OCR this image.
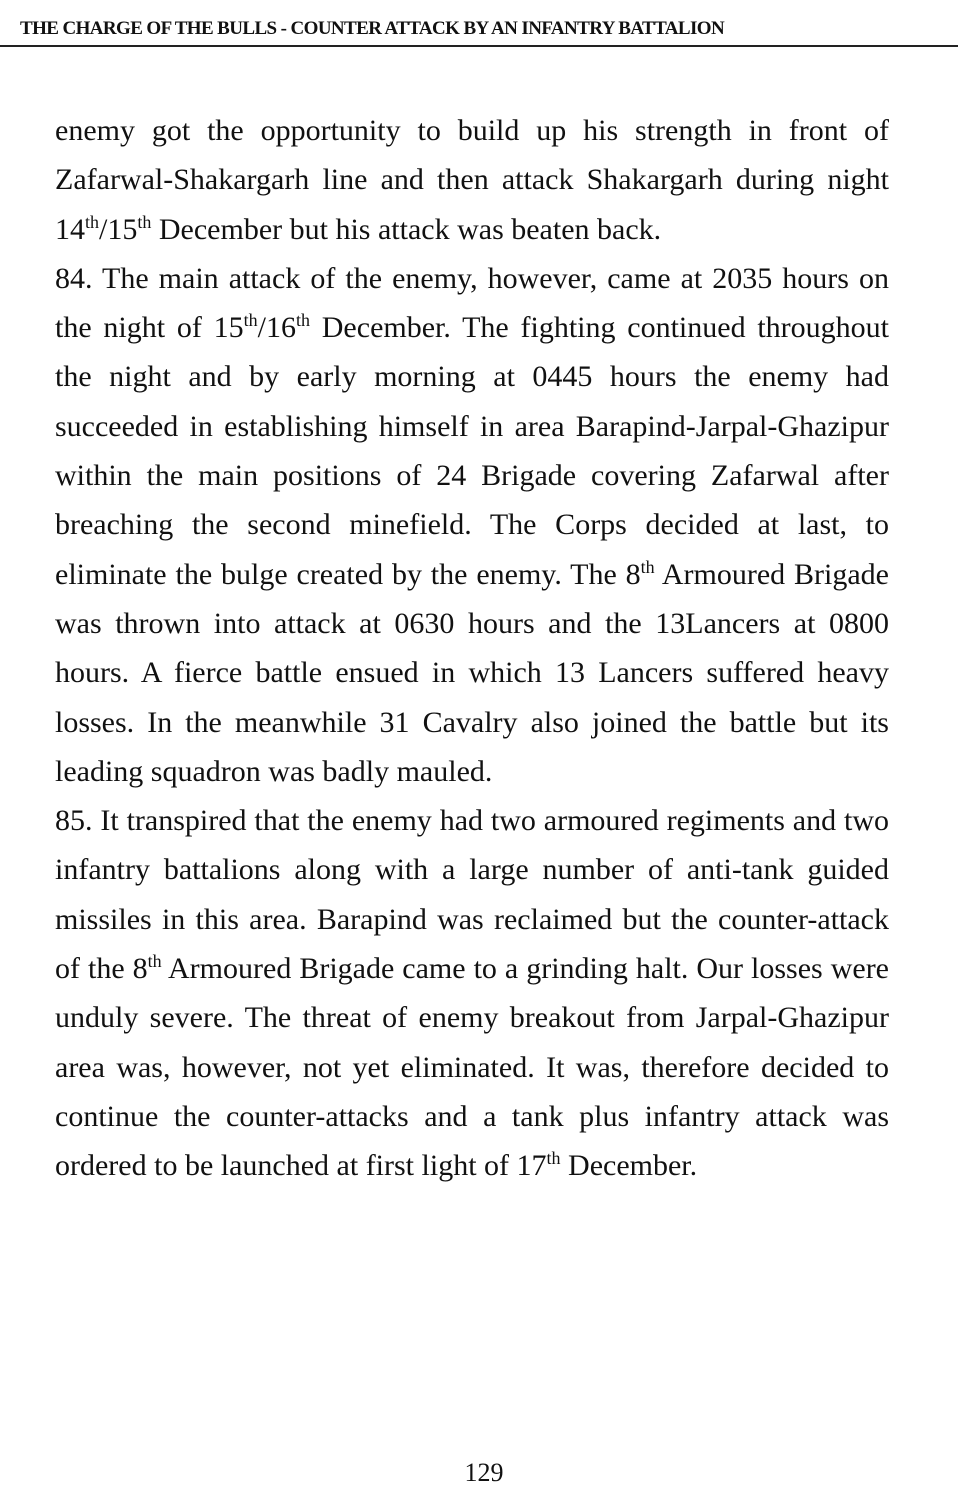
THE CHARGE OF THE BULLS - COUNTER ATTACK BY AN INFANTRY BATTALION

enemy got the opportunity to build up his strength in front of Zafarwal-Shakargarh line and then attack Shakargarh during night 14th/15th December but his attack was beaten back.

84. The main attack of the enemy, however, came at 2035 hours on the night of 15th/16th December. The fighting continued throughout the night and by early morning at 0445 hours the enemy had succeeded in establishing himself in area Barapind-Jarpal-Ghazipur within the main positions of 24 Brigade covering Zafarwal after breaching the second minefield. The Corps decided at last, to eliminate the bulge created by the enemy. The 8th Armoured Brigade was thrown into attack at 0630 hours and the 13Lancers at 0800 hours. A fierce battle ensued in which 13 Lancers suffered heavy losses. In the meanwhile 31 Cavalry also joined the battle but its leading squadron was badly mauled.

85. It transpired that the enemy had two armoured regiments and two infantry battalions along with a large number of anti-tank guided missiles in this area. Barapind was reclaimed but the counter-attack of the 8th Armoured Brigade came to a grinding halt. Our losses were unduly severe. The threat of enemy breakout from Jarpal-Ghazipur area was, however, not yet eliminated. It was, therefore decided to continue the counter-attacks and a tank plus infantry attack was ordered to be launched at first light of 17th December.

129
